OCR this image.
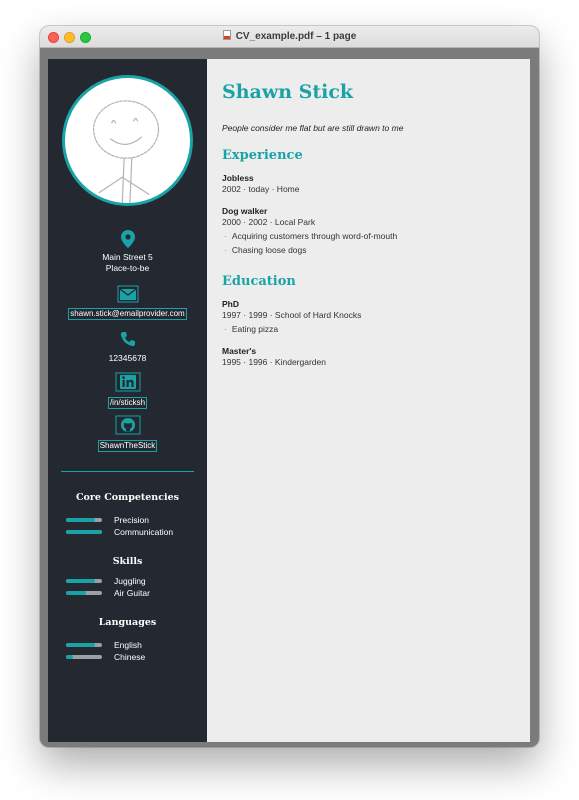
CV_example.pdf – 1 page
Main Street 5
Place-to-be
shawn.stick@emailprovider.com
12345678
/in/sticksh
ShawnTheStick
Core Competencies
Precision
Communication
Skills
Juggling
Air Guitar
Languages
English
Chinese
Shawn Stick
People consider me flat but are still drawn to me
Experience
Jobless
2002 · today · Home
Dog walker
2000 · 2002 · Local Park
· Acquiring customers through word-of-mouth
· Chasing loose dogs
Education
PhD
1997 · 1999 · School of Hard Knocks
· Eating pizza
Master's
1995 · 1996 · Kindergarden
